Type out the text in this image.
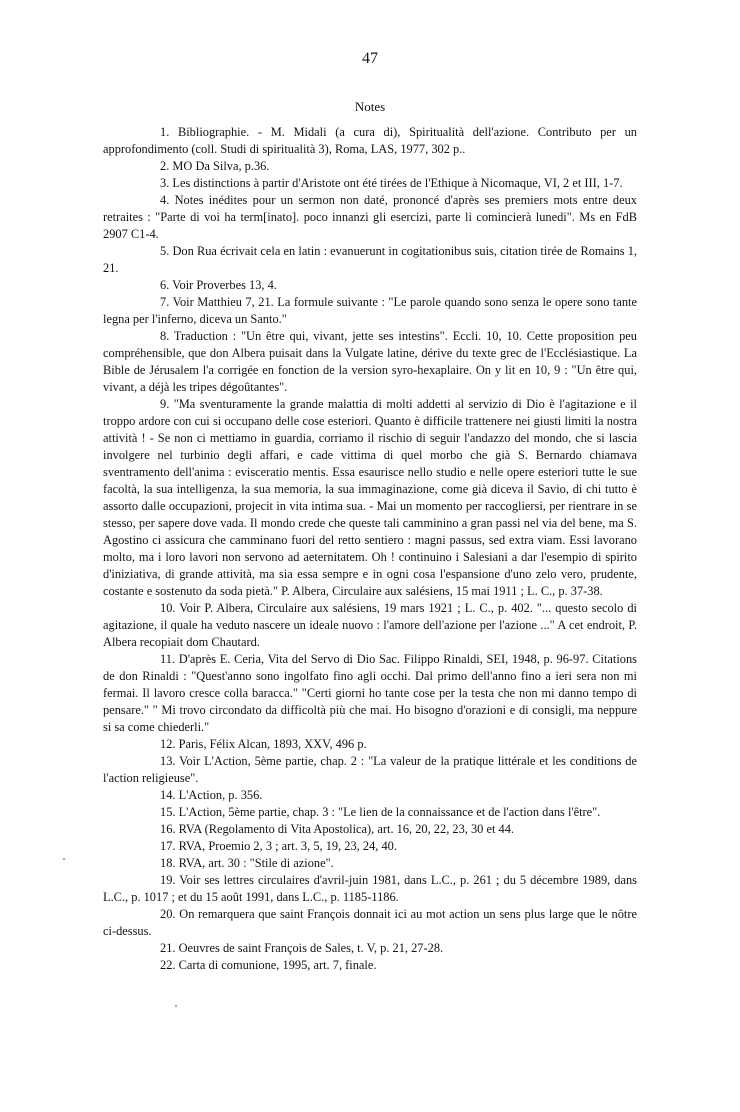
47
Notes

1. Bibliographie. - M. Midali (a cura di), Spiritualità dell'azione. Contributo per un approfondimento (coll. Studi di spiritualità 3), Roma, LAS, 1977, 302 p..

2. MO Da Silva, p.36.

3. Les distinctions à partir d'Aristote ont été tirées de l'Ethique à Nicomaque, VI, 2 et III, 1-7.

4. Notes inédites pour un sermon non daté, prononcé d'après ses premiers mots entre deux retraites : "Parte di voi ha term[inato]. poco innanzi gli esercizi, parte li comincierà lunedi". Ms en FdB 2907 C1-4.

5. Don Rua écrivait cela en latin : evanuerunt in cogitationibus suis, citation tirée de Romains 1, 21.

6. Voir Proverbes 13, 4.

7. Voir Matthieu 7, 21. La formule suivante : "Le parole quando sono senza le opere sono tante legna per l'inferno, diceva un Santo."

8. Traduction : "Un être qui, vivant, jette ses intestins". Eccli. 10, 10. Cette proposition peu compréhensible, que don Albera puisait dans la Vulgate latine, dérive du texte grec de l'Ecclésiastique. La Bible de Jérusalem l'a corrigée en fonction de la version syro-hexaplaire. On y lit en 10, 9 : "Un être qui, vivant, a déjà les tripes dégoûtantes".

9. "Ma sventuramente la grande malattia di molti addetti al servizio di Dio è l'agitazione e il troppo ardore con cui si occupano delle cose esteriori. Quanto è difficile trattenere nei giusti limiti la nostra attività ! - Se non ci mettiamo in guardia, corriamo il rischio di seguir l'andazzo del mondo, che si lascia involgere nel turbinio degli affari, e cade vittima di quel morbo che già S. Bernardo chiamava sventramento dell'anima : evisceratio mentis. Essa esaurisce nello studio e nelle opere esteriori tutte le sue facoltà, la sua intelligenza, la sua memoria, la sua immaginazione, come già diceva il Savio, di chi tutto è assorto dalle occupazioni, projecit in vita intima sua. - Mai un momento per raccogliersi, per rientrare in se stesso, per sapere dove vada. Il mondo crede che queste tali camminino a gran passi nel via del bene, ma S. Agostino ci assicura che camminano fuori del retto sentiero : magni passus, sed extra viam. Essi lavorano molto, ma i loro lavori non servono ad aeternitatem. Oh ! continuino i Salesiani a dar l'esempio di spirito d'iniziativa, di grande attività, ma sia essa sempre e in ogni cosa l'espansione d'uno zelo vero, prudente, costante e sostenuto da soda pietà." P. Albera, Circulaire aux salésiens, 15 mai 1911 ; L. C., p. 37-38.

10. Voir P. Albera, Circulaire aux salésiens, 19 mars 1921 ; L. C., p. 402. "... questo secolo di agitazione, il quale ha veduto nascere un ideale nuovo : l'amore dell'azione per l'azione ..." A cet endroit, P. Albera recopiait dom Chautard.

11. D'après E. Ceria, Vita del Servo di Dio Sac. Filippo Rinaldi, SEI, 1948, p. 96-97. Citations de don Rinaldi : "Quest'anno sono ingolfato fino agli occhi. Dal primo dell'anno fino a ieri sera non mi fermai. Il lavoro cresce colla baracca." "Certi giorni ho tante cose per la testa che non mi danno tempo di pensare." " Mi trovo circondato da difficoltà più che mai. Ho bisogno d'orazioni e di consigli, ma neppure si sa come chiederli."

12. Paris, Félix Alcan, 1893, XXV, 496 p.

13. Voir L'Action, 5ème partie, chap. 2 : "La valeur de la pratique littérale et les conditions de l'action religieuse".

14. L'Action, p. 356.

15. L'Action, 5ème partie, chap. 3 : "Le lien de la connaissance et de l'action dans l'être".

16. RVA (Regolamento di Vita Apostolica), art. 16, 20, 22, 23, 30 et 44.

17. RVA, Proemio 2, 3 ; art. 3, 5, 19, 23, 24, 40.

18. RVA, art. 30 : "Stile di azione".

19. Voir ses lettres circulaires d'avril-juin 1981, dans L.C., p. 261 ; du 5 décembre 1989, dans L.C., p. 1017 ; et du 15 août 1991, dans L.C., p. 1185-1186.

20. On remarquera que saint François donnait ici au mot action un sens plus large que le nôtre ci-dessus.

21. Oeuvres de saint François de Sales, t. V, p. 21, 27-28.

22. Carta di comunione, 1995, art. 7, finale.
